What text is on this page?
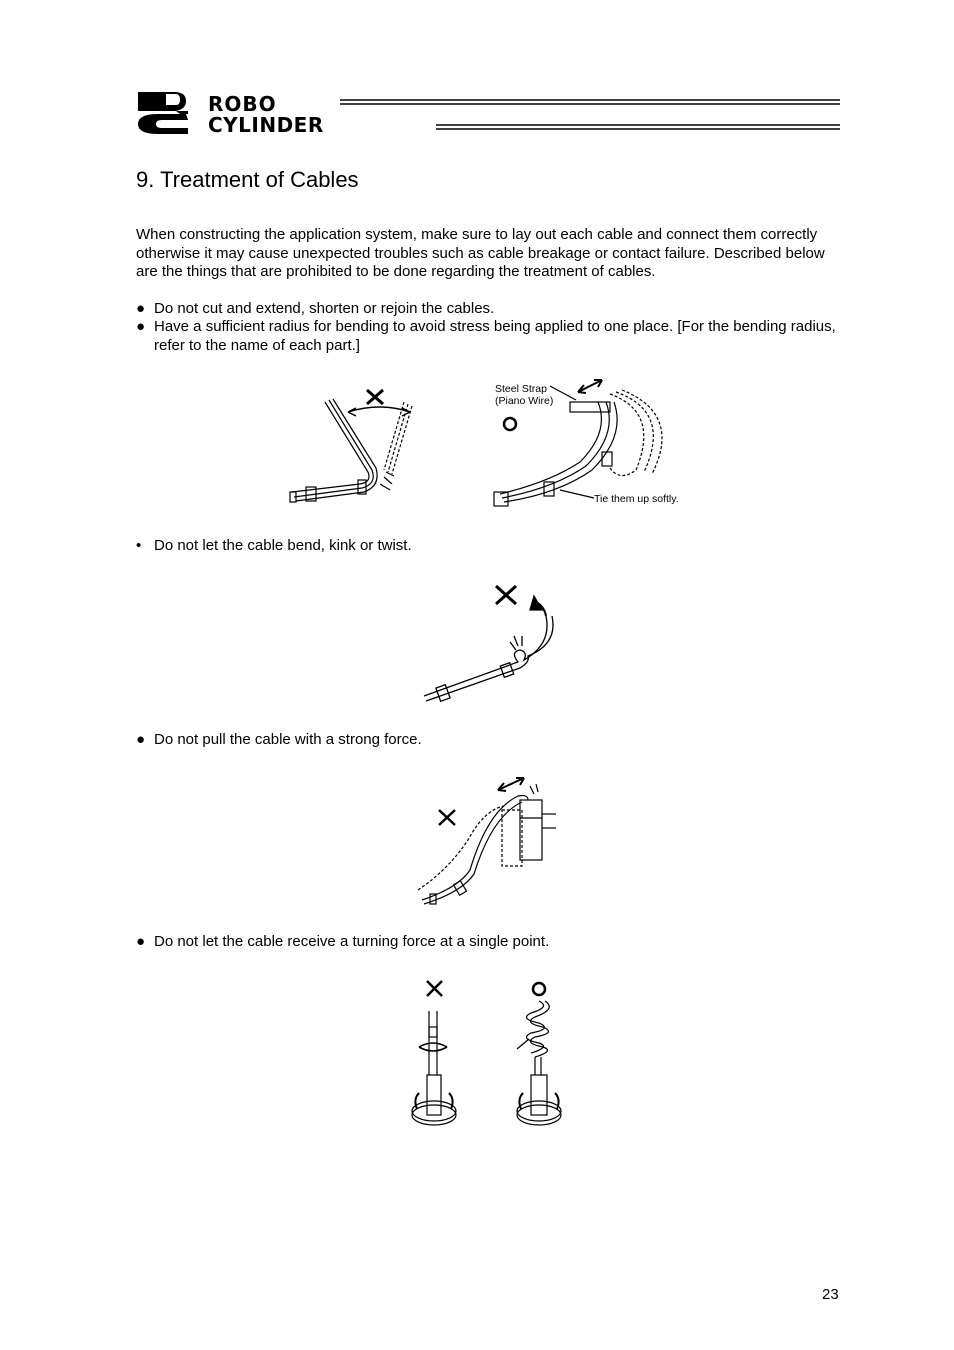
ROBO
CYLINDER
9. Treatment of Cables
When constructing the application system, make sure to lay out each cable and connect them correctly otherwise it may cause unexpected troubles such as cable breakage or contact failure. Described below are the things that are prohibited to be done regarding the treatment of cables.
● Do not cut and extend, shorten or rejoin the cables.
● Have a sufficient radius for bending to avoid stress being applied to one place. [For the bending radius, refer to the name of each part.]
Steel Strap
(Piano Wire)
Tie them up softly.
• Do not let the cable bend, kink or twist.
● Do not pull the cable with a strong force.
● Do not let the cable receive a turning force at a single point.
23
